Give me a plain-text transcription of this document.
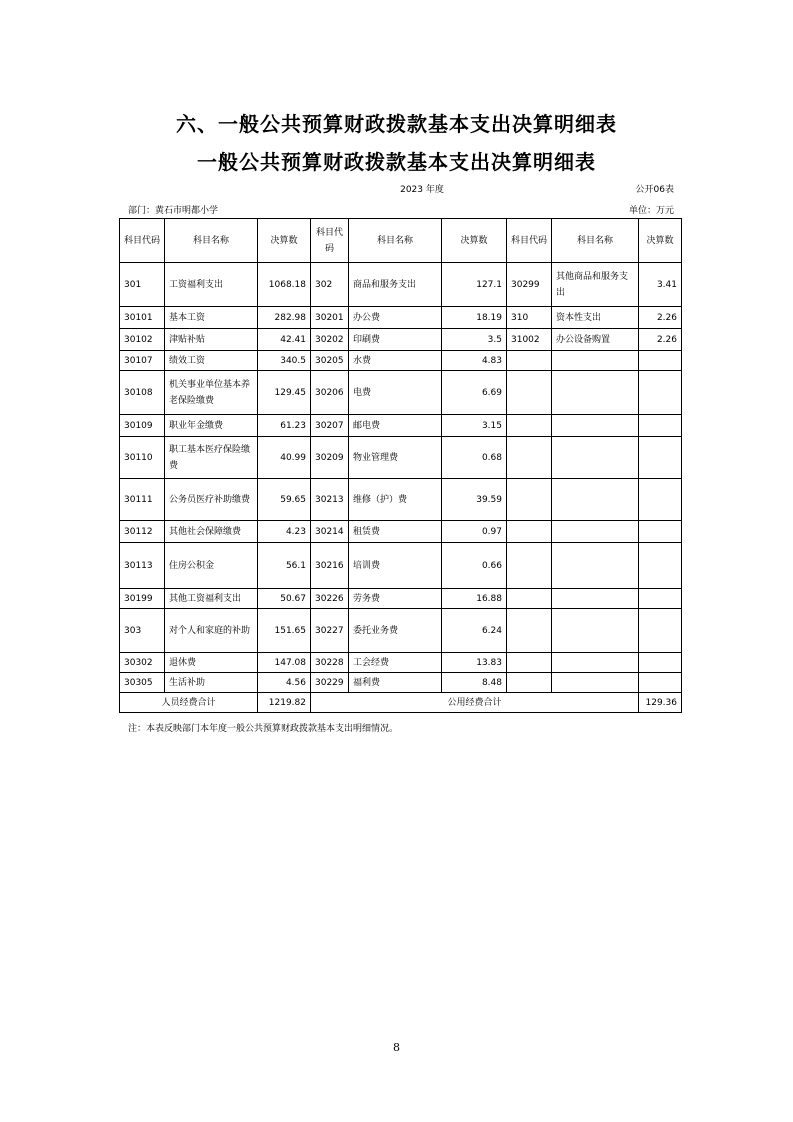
六、一般公共预算财政拨款基本支出决算明细表
一般公共预算财政拨款基本支出决算明细表
2023 年度	公开06表
部门：黄石市明都小学	单位：万元
科目代码	科目名称	决算数	科目代码	科目名称	决算数	科目代码	科目名称	决算数
301	工资福利支出	1068.18	302	商品和服务支出	127.1	30299	其他商品和服务支出	3.41
30101	基本工资	282.98	30201	办公费	18.19	310	资本性支出	2.26
30102	津贴补贴	42.41	30202	印刷费	3.5	31002	办公设备购置	2.26
30107	绩效工资	340.5	30205	水费	4.83			
30108	机关事业单位基本养老保险缴费	129.45	30206	电费	6.69			
30109	职业年金缴费	61.23	30207	邮电费	3.15			
30110	职工基本医疗保险缴费	40.99	30209	物业管理费	0.68			
30111	公务员医疗补助缴费	59.65	30213	维修（护）费	39.59			
30112	其他社会保障缴费	4.23	30214	租赁费	0.97			
30113	住房公积金	56.1	30216	培训费	0.66			
30199	其他工资福利支出	50.67	30226	劳务费	16.88			
303	对个人和家庭的补助	151.65	30227	委托业务费	6.24			
30302	退休费	147.08	30228	工会经费	13.83			
30305	生活补助	4.56	30229	福利费	8.48			
人员经费合计		1219.82	公用经费合计					129.36
注：本表反映部门本年度一般公共预算财政拨款基本支出明细情况。
8
